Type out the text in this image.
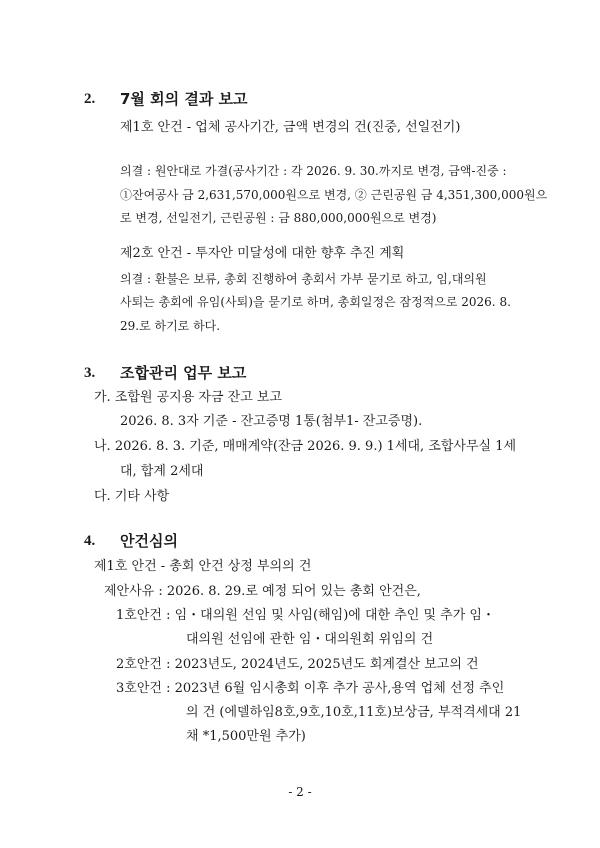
2. 7월 회의 결과 보고
제1호 안건 - 업체 공사기간, 금액 변경의 건(진중, 선일전기)
의결 : 원안대로 가결(공사기간 : 각 2026. 9. 30.까지로 변경, 금액-진중 :
①잔여공사 금 2,631,570,000원으로 변경, ② 근린공원 금 4,351,300,000원으
로 변경, 선일전기, 근린공원 : 금 880,000,000원으로 변경)
제2호 안건 - 투자안 미달성에 대한 향후 추진 계획
의결 : 환불은 보류, 총회 진행하여 총회서 가부 묻기로 하고, 임,대의원
사퇴는 총회에 유임(사퇴)을 묻기로 하며, 총회일정은 잠정적으로 2026. 8.
29.로 하기로 하다.
3. 조합관리 업무 보고
가. 조합원 공지용 자금 잔고 보고
2026. 8. 3자 기준 - 잔고증명 1통(첨부1- 잔고증명).
나. 2026. 8. 3. 기준, 매매계약(잔금 2026. 9. 9.) 1세대, 조합사무실 1세
대, 합계 2세대
다. 기타 사항
4. 안건심의
제1호 안건 - 총회 안건 상정 부의의 건
제안사유 : 2026. 8. 29.로 예정 되어 있는 총회 안건은,
1호안건 : 임・대의원 선임 및 사임(해임)에 대한 추인 및 추가 임・
대의원 선임에 관한 임・대의원회 위임의 건
2호안건 : 2023년도, 2024년도, 2025년도 회계결산 보고의 건
3호안건 : 2023년 6월 임시총회 이후 추가 공사,용역 업체 선정 추인
의 건 (에델하임8호,9호,10호,11호)보상금, 부적격세대 21
채 *1,500만원 추가)
- 2 -
